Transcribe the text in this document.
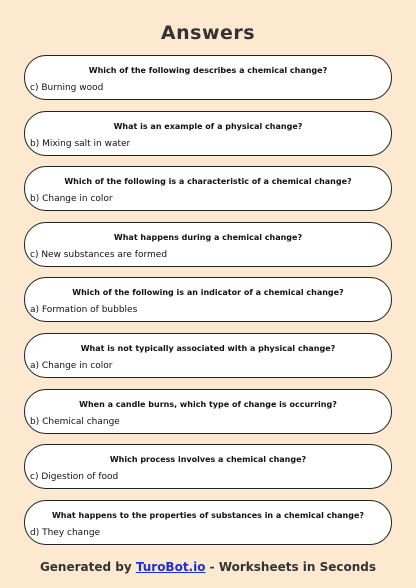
Answers
Which of the following describes a chemical change?
c) Burning wood
What is an example of a physical change?
b) Mixing salt in water
Which of the following is a characteristic of a chemical change?
b) Change in color
What happens during a chemical change?
c) New substances are formed
Which of the following is an indicator of a chemical change?
a) Formation of bubbles
What is not typically associated with a physical change?
a) Change in color
When a candle burns, which type of change is occurring?
b) Chemical change
Which process involves a chemical change?
c) Digestion of food
What happens to the properties of substances in a chemical change?
d) They change
Generated by TuroBot.io - Worksheets in Seconds
